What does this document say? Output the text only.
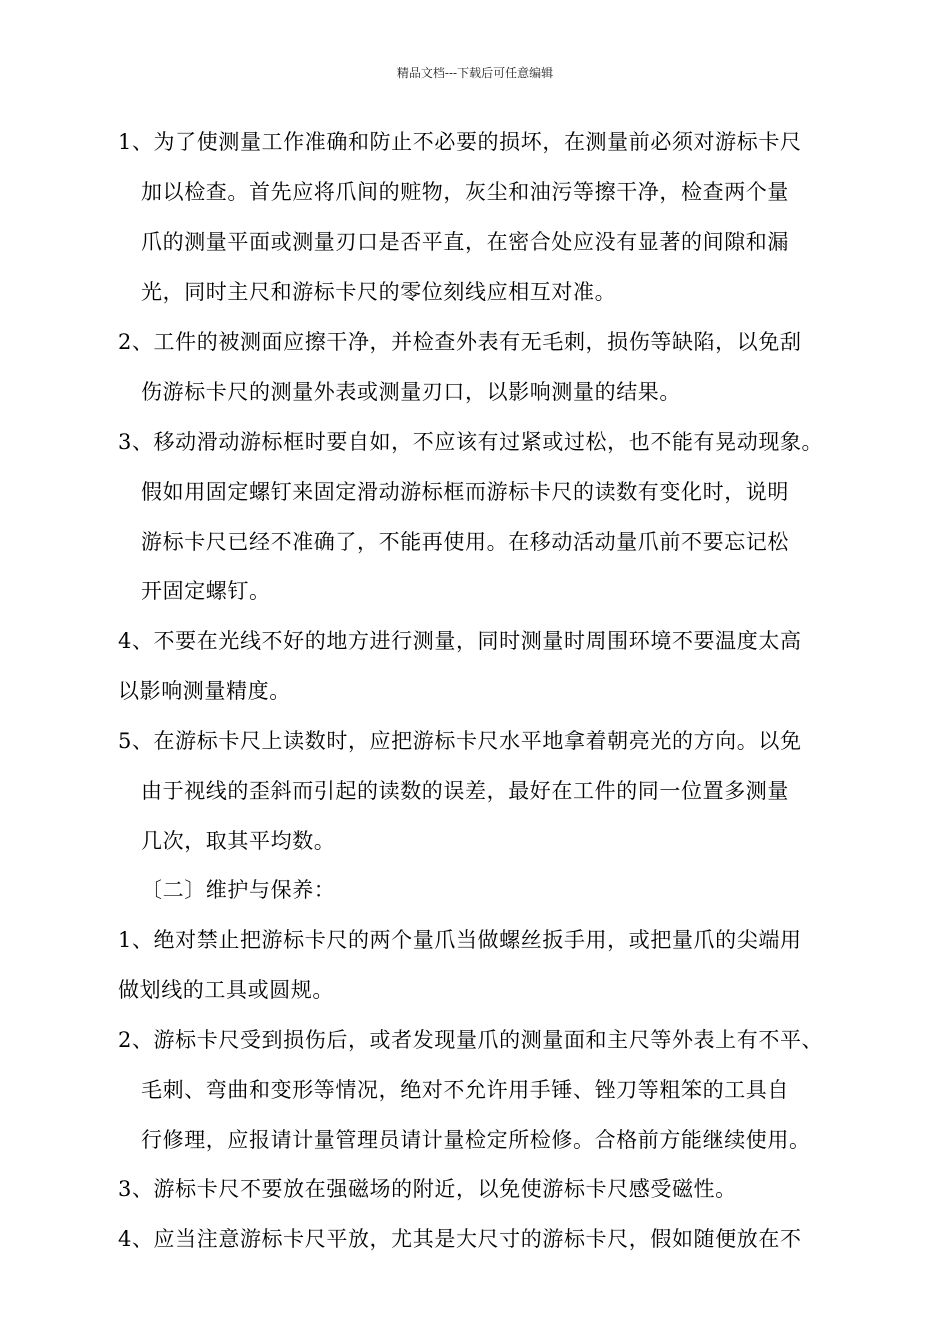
精品文档---下载后可任意编辑
1、为了使测量工作准确和防止不必要的损坏，在测量前必须对游标卡尺
加以检查。首先应将爪间的赃物，灰尘和油污等擦干净，检查两个量
爪的测量平面或测量刃口是否平直，在密合处应没有显著的间隙和漏
光，同时主尺和游标卡尺的零位刻线应相互对准。
2、工件的被测面应擦干净，并检查外表有无毛刺，损伤等缺陷，以免刮
伤游标卡尺的测量外表或测量刃口，以影响测量的结果。
3、移动滑动游标框时要自如，不应该有过紧或过松，也不能有晃动现象。
假如用固定螺钉来固定滑动游标框而游标卡尺的读数有变化时，说明
游标卡尺已经不准确了，不能再使用。在移动活动量爪前不要忘记松
开固定螺钉。
4、不要在光线不好的地方进行测量，同时测量时周围环境不要温度太高
以影响测量精度。
5、在游标卡尺上读数时，应把游标卡尺水平地拿着朝亮光的方向。以免
由于视线的歪斜而引起的读数的误差，最好在工件的同一位置多测量
几次，取其平均数。
〔二〕维护与保养：
1、绝对禁止把游标卡尺的两个量爪当做螺丝扳手用，或把量爪的尖端用
做划线的工具或圆规。
2、游标卡尺受到损伤后，或者发现量爪的测量面和主尺等外表上有不平、
毛刺、弯曲和变形等情况，绝对不允许用手锤、锉刀等粗笨的工具自
行修理，应报请计量管理员请计量检定所检修。合格前方能继续使用。
3、游标卡尺不要放在强磁场的附近，以免使游标卡尺感受磁性。
4、应当注意游标卡尺平放，尤其是大尺寸的游标卡尺，假如随便放在不
